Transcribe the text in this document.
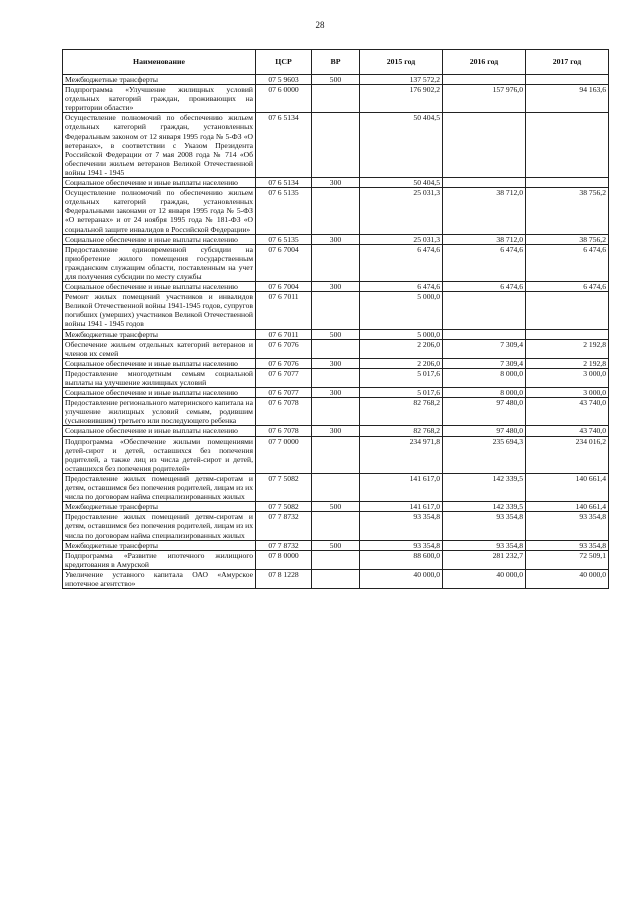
28
Наименование	ЦСР	ВР	2015 год	2016 год	2017 год
Межбюджетные трансферты	07 5 9603	500	137 572,2		
Подпрограмма «Улучшение жилищных условий отдельных категорий граждан, проживающих на территории области»	07 6 0000		176 902,2	157 976,0	94 163,6
Осуществление полномочий по обеспечению жильем отдельных категорий граждан, установленных Федеральным законом от 12 января 1995 года № 5-ФЗ «О ветеранах», в соответствии с Указом Президента Российской Федерации от 7 мая 2008 года № 714 «Об обеспечении жильем ветеранов Великой Отечественной войны 1941 - 1945	07 6 5134		50 404,5		
Социальное обеспечение и иные выплаты населению	07 6 5134	300	50 404,5		
Осуществление полномочий по обеспечению жильем отдельных категорий граждан, установленных Федеральными законами от 12 января 1995 года № 5-ФЗ «О ветеранах» и от 24 ноября 1995 года № 181-ФЗ «О социальной защите инвалидов в Российской Федерации»	07 6 5135		25 031,3	38 712,0	38 756,2
Социальное обеспечение и иные выплаты населению	07 6 5135	300	25 031,3	38 712,0	38 756,2
Предоставление единовременной субсидии на приобретение жилого помещения государственным гражданским служащим области, поставленным на учет для получения субсидии по месту службы	07 6 7004		6 474,6	6 474,6	6 474,6
Социальное обеспечение и иные выплаты населению	07 6 7004	300	6 474,6	6 474,6	6 474,6
Ремонт жилых помещений участников и инвалидов Великой Отечественной войны 1941-1945 годов, супругов погибших (умерших) участников Великой Отечественной войны 1941 - 1945 годов	07 6 7011		5 000,0		
Межбюджетные трансферты	07 6 7011	500	5 000,0		
Обеспечение жильем отдельных категорий ветеранов и членов их семей	07 6 7076		2 206,0	7 309,4	2 192,8
Социальное обеспечение и иные выплаты населению	07 6 7076	300	2 206,0	7 309,4	2 192,8
Предоставление многодетным семьям социальной выплаты на улучшение жилищных условий	07 6 7077		5 017,6	8 000,0	3 000,0
Социальное обеспечение и иные выплаты населению	07 6 7077	300	5 017,6	8 000,0	3 000,0
Предоставление регионального материнского капитала на улучшение жилищных условий семьям, родившим (усыновившим) третьего или последующего ребенка	07 6 7078		82 768,2	97 480,0	43 740,0
Социальное обеспечение и иные выплаты населению	07 6 7078	300	82 768,2	97 480,0	43 740,0
Подпрограмма «Обеспечение жилыми помещениями детей-сирот и детей, оставшихся без попечения родителей, а также лиц из числа детей-сирот и детей, оставшихся без попечения родителей»	07 7 0000		234 971,8	235 694,3	234 016,2
Предоставление жилых помещений детям-сиротам и детям, оставшимся без попечения родителей, лицам из их числа по договорам найма специализированных жилых	07 7 5082		141 617,0	142 339,5	140 661,4
Межбюджетные трансферты	07 7 5082	500	141 617,0	142 339,5	140 661,4
Предоставление жилых помещений детям-сиротам и детям, оставшимся без попечения родителей, лицам из их числа по договорам найма специализированных жилых	07 7 8732		93 354,8	93 354,8	93 354,8
Межбюджетные трансферты	07 7 8732	500	93 354,8	93 354,8	93 354,8
Подпрограмма «Развитие ипотечного жилищного кредитования в Амурской	07 8 0000		88 600,0	281 232,7	72 509,1
Увеличение уставного капитала ОАО «Амурское ипотечное агентство»	07 8 1228		40 000,0	40 000,0	40 000,0
